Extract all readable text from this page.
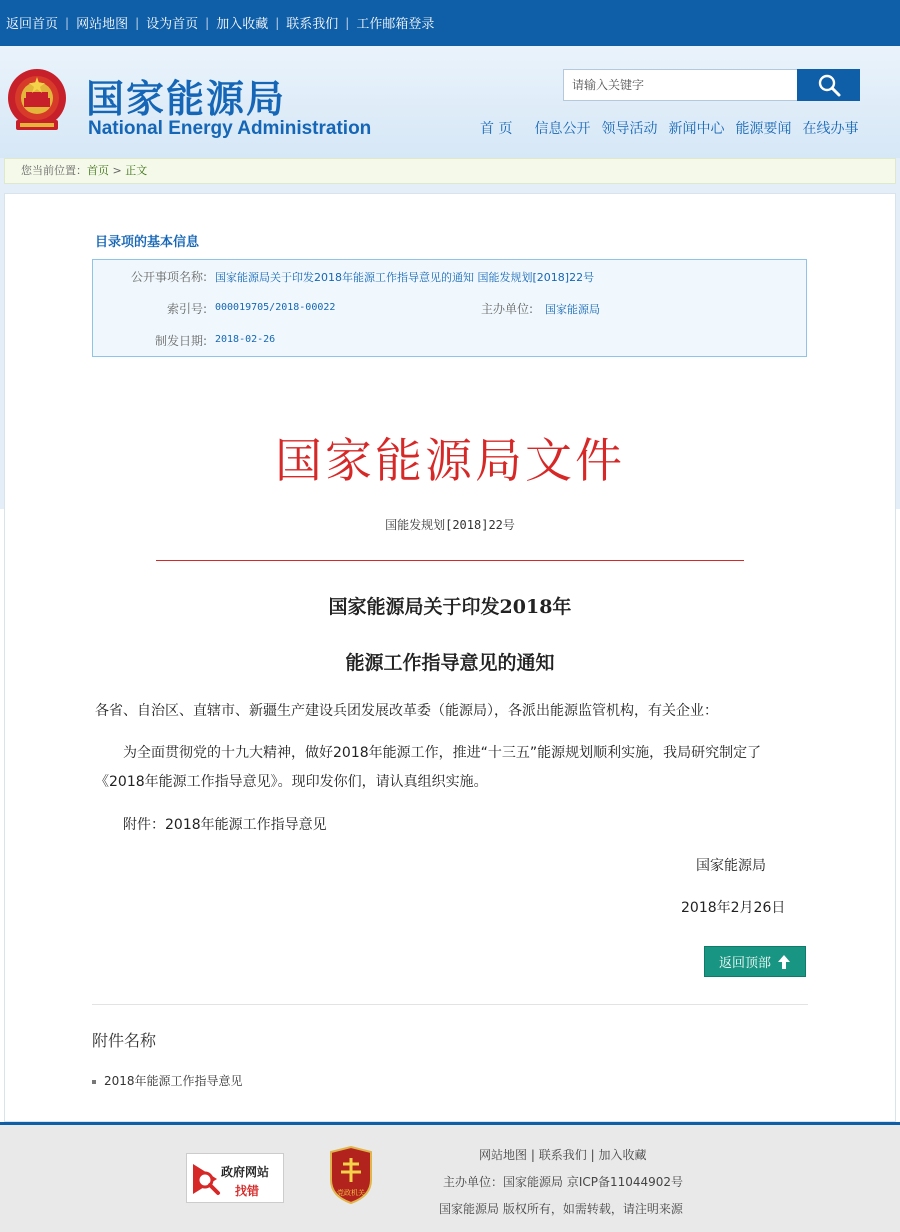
返回首页 | 网站地图 | 设为首页 | 加入收藏 | 联系我们 | 工作邮箱登录
国家能源局
National Energy Administration
请输入关键字	首 页 信息公开 领导活动 新闻中心 能源要闻 在线办事
您当前位置：首页 > 正文
目录项的基本信息
公开事项名称: 国家能源局关于印发2018年能源工作指导意见的通知 国能发规划[2018]22号
索引号: 000019705/2018-00022	主办单位: 国家能源局
制发日期: 2018-02-26
国家能源局文件
国能发规划[2018]22号
国家能源局关于印发2018年
能源工作指导意见的通知
各省、自治区、直辖市、新疆生产建设兵团发展改革委（能源局），各派出能源监管机构，有关企业：
为全面贯彻党的十九大精神，做好2018年能源工作，推进“十三五”能源规划顺利实施，我局研究制定了
《2018年能源工作指导意见》。现印发你们，请认真组织实施。
附件：2018年能源工作指导意见
国家能源局
2018年2月26日
返回顶部
附件名称
2018年能源工作指导意见
政府网站
找错	党政机关
网站地图 | 联系我们 | 加入收藏
主办单位：国家能源局 京ICP备11044902号
国家能源局 版权所有，如需转载，请注明来源
